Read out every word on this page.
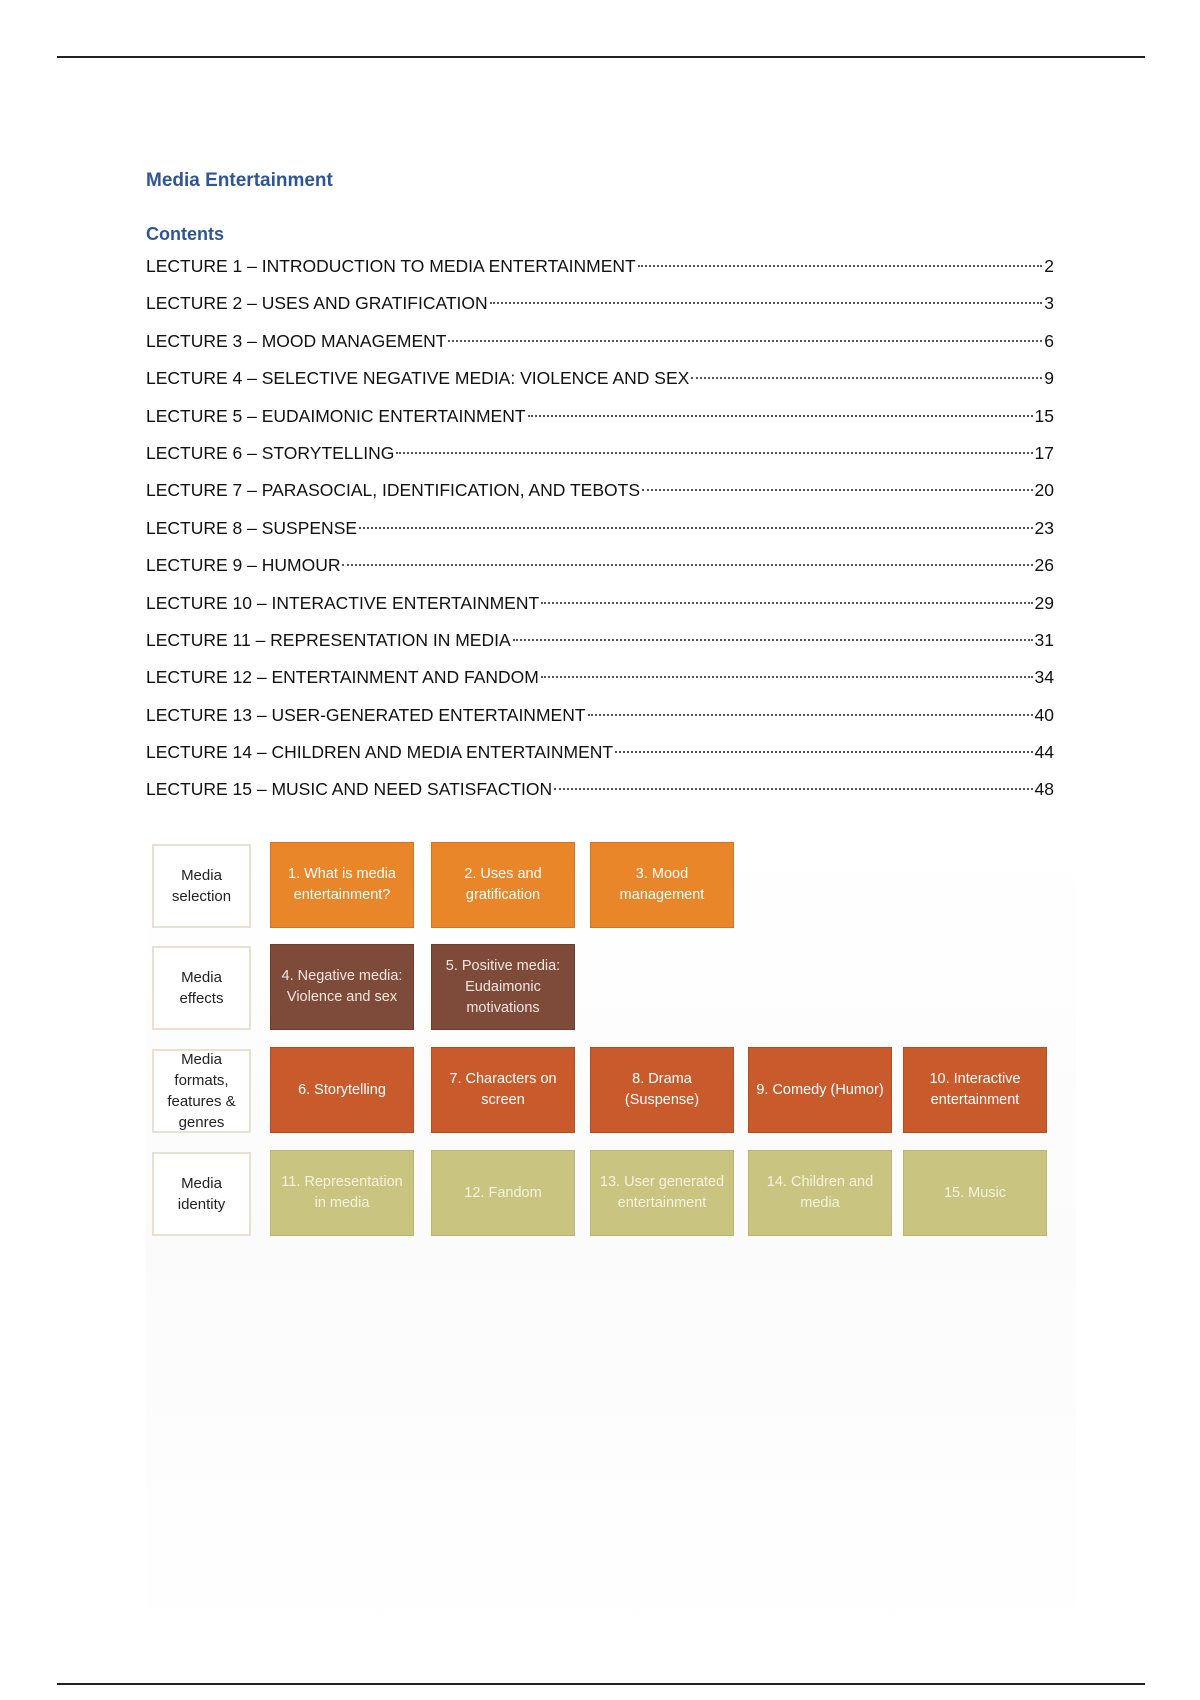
Media Entertainment
Contents
LECTURE 1 – INTRODUCTION TO MEDIA ENTERTAINMENT	2
LECTURE 2 – USES AND GRATIFICATION	3
LECTURE 3 – MOOD MANAGEMENT	6
LECTURE 4 – SELECTIVE NEGATIVE MEDIA: VIOLENCE AND SEX	9
LECTURE 5 – EUDAIMONIC ENTERTAINMENT	15
LECTURE 6 – STORYTELLING	17
LECTURE 7 – PARASOCIAL, IDENTIFICATION, AND TEBOTS	20
LECTURE 8 – SUSPENSE	23
LECTURE 9 – HUMOUR	26
LECTURE 10 – INTERACTIVE ENTERTAINMENT	29
LECTURE 11 – REPRESENTATION IN MEDIA	31
LECTURE 12 – ENTERTAINMENT AND FANDOM	34
LECTURE 13 – USER-GENERATED ENTERTAINMENT	40
LECTURE 14 – CHILDREN AND MEDIA ENTERTAINMENT	44
LECTURE 15 – MUSIC AND NEED SATISFACTION	48
Media selection
1. What is media entertainment?
2. Uses and gratification
3. Mood management
Media effects
4. Negative media: Violence and sex
5. Positive media: Eudaimonic motivations
Media formats, features & genres
6. Storytelling
7. Characters on screen
8. Drama (Suspense)
9. Comedy (Humor)
10. Interactive entertainment
Media identity
11. Representation in media
12. Fandom
13. User generated entertainment
14. Children and media
15. Music
